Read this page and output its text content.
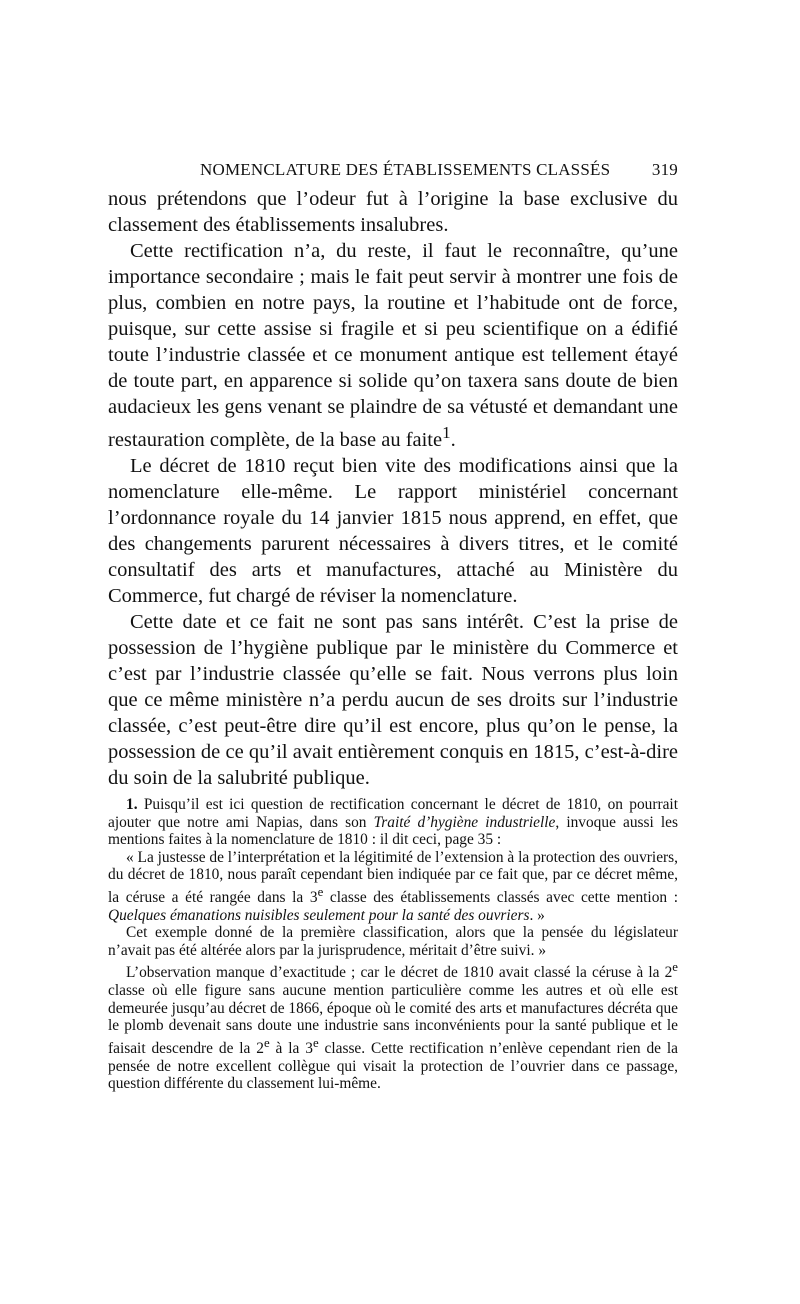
NOMENCLATURE DES ÉTABLISSEMENTS CLASSÉS 319

nous prétendons que l’odeur fut à l’origine la base exclusive du classement des établissements insalubres.

Cette rectification n’a, du reste, il faut le reconnaître, qu’une importance secondaire ; mais le fait peut servir à montrer une fois de plus, combien en notre pays, la routine et l’habitude ont de force, puisque, sur cette assise si fragile et si peu scientifique on a édifié toute l’industrie classée et ce monument antique est tellement étayé de toute part, en apparence si solide qu’on taxera sans doute de bien audacieux les gens venant se plaindre de sa vétusté et demandant une restauration complète, de la base au faite$^1$.

Le décret de 1810 reçut bien vite des modifications ainsi que la nomenclature elle-même. Le rapport ministériel concernant l’ordonnance royale du 14 janvier 1815 nous apprend, en effet, que des changements parurent nécessaires à divers titres, et le comité consultatif des arts et manufactures, attaché au Ministère du Commerce, fut chargé de réviser la nomenclature.

Cette date et ce fait ne sont pas sans intérêt. C’est la prise de possession de l’hygiène publique par le ministère du Commerce et c’est par l’industrie classée qu’elle se fait. Nous verrons plus loin que ce même ministère n’a perdu aucun de ses droits sur l’industrie classée, c’est peut-être dire qu’il est encore, plus qu’on le pense, la possession de ce qu’il avait entièrement conquis en 1815, c’est-à-dire du soin de la salubrité publique.

1. Puisqu’il est ici question de rectification concernant le décret de 1810, on pourrait ajouter que notre ami Napias, dans son Traité d’hygiène industrielle, invoque aussi les mentions faites à la nomenclature de 1810 : il dit ceci, page 35 :

« La justesse de l’interprétation et la légitimité de l’extension à la protection des ouvriers, du décret de 1810, nous paraît cependant bien indiquée par ce fait que, par ce décret même, la céruse a été rangée dans la 3e classe des établissements classés avec cette mention : Quelques émanations nuisibles seulement pour la santé des ouvriers. »

Cet exemple donné de la première classification, alors que la pensée du législateur n’avait pas été altérée alors par la jurisprudence, méritait d’être suivi. »

L’observation manque d’exactitude ; car le décret de 1810 avait classé la céruse à la 2e classe où elle figure sans aucune mention particulière comme les autres et où elle est demeurée jusqu’au décret de 1866, époque où le comité des arts et manufactures décréta que le plomb devenait sans doute une industrie sans inconvénients pour la santé publique et le faisait descendre de la 2e à la 3e classe. Cette rectification n’enlève cependant rien de la pensée de notre excellent collègue qui visait la protection de l’ouvrier dans ce passage, question différente du classement lui-même.
